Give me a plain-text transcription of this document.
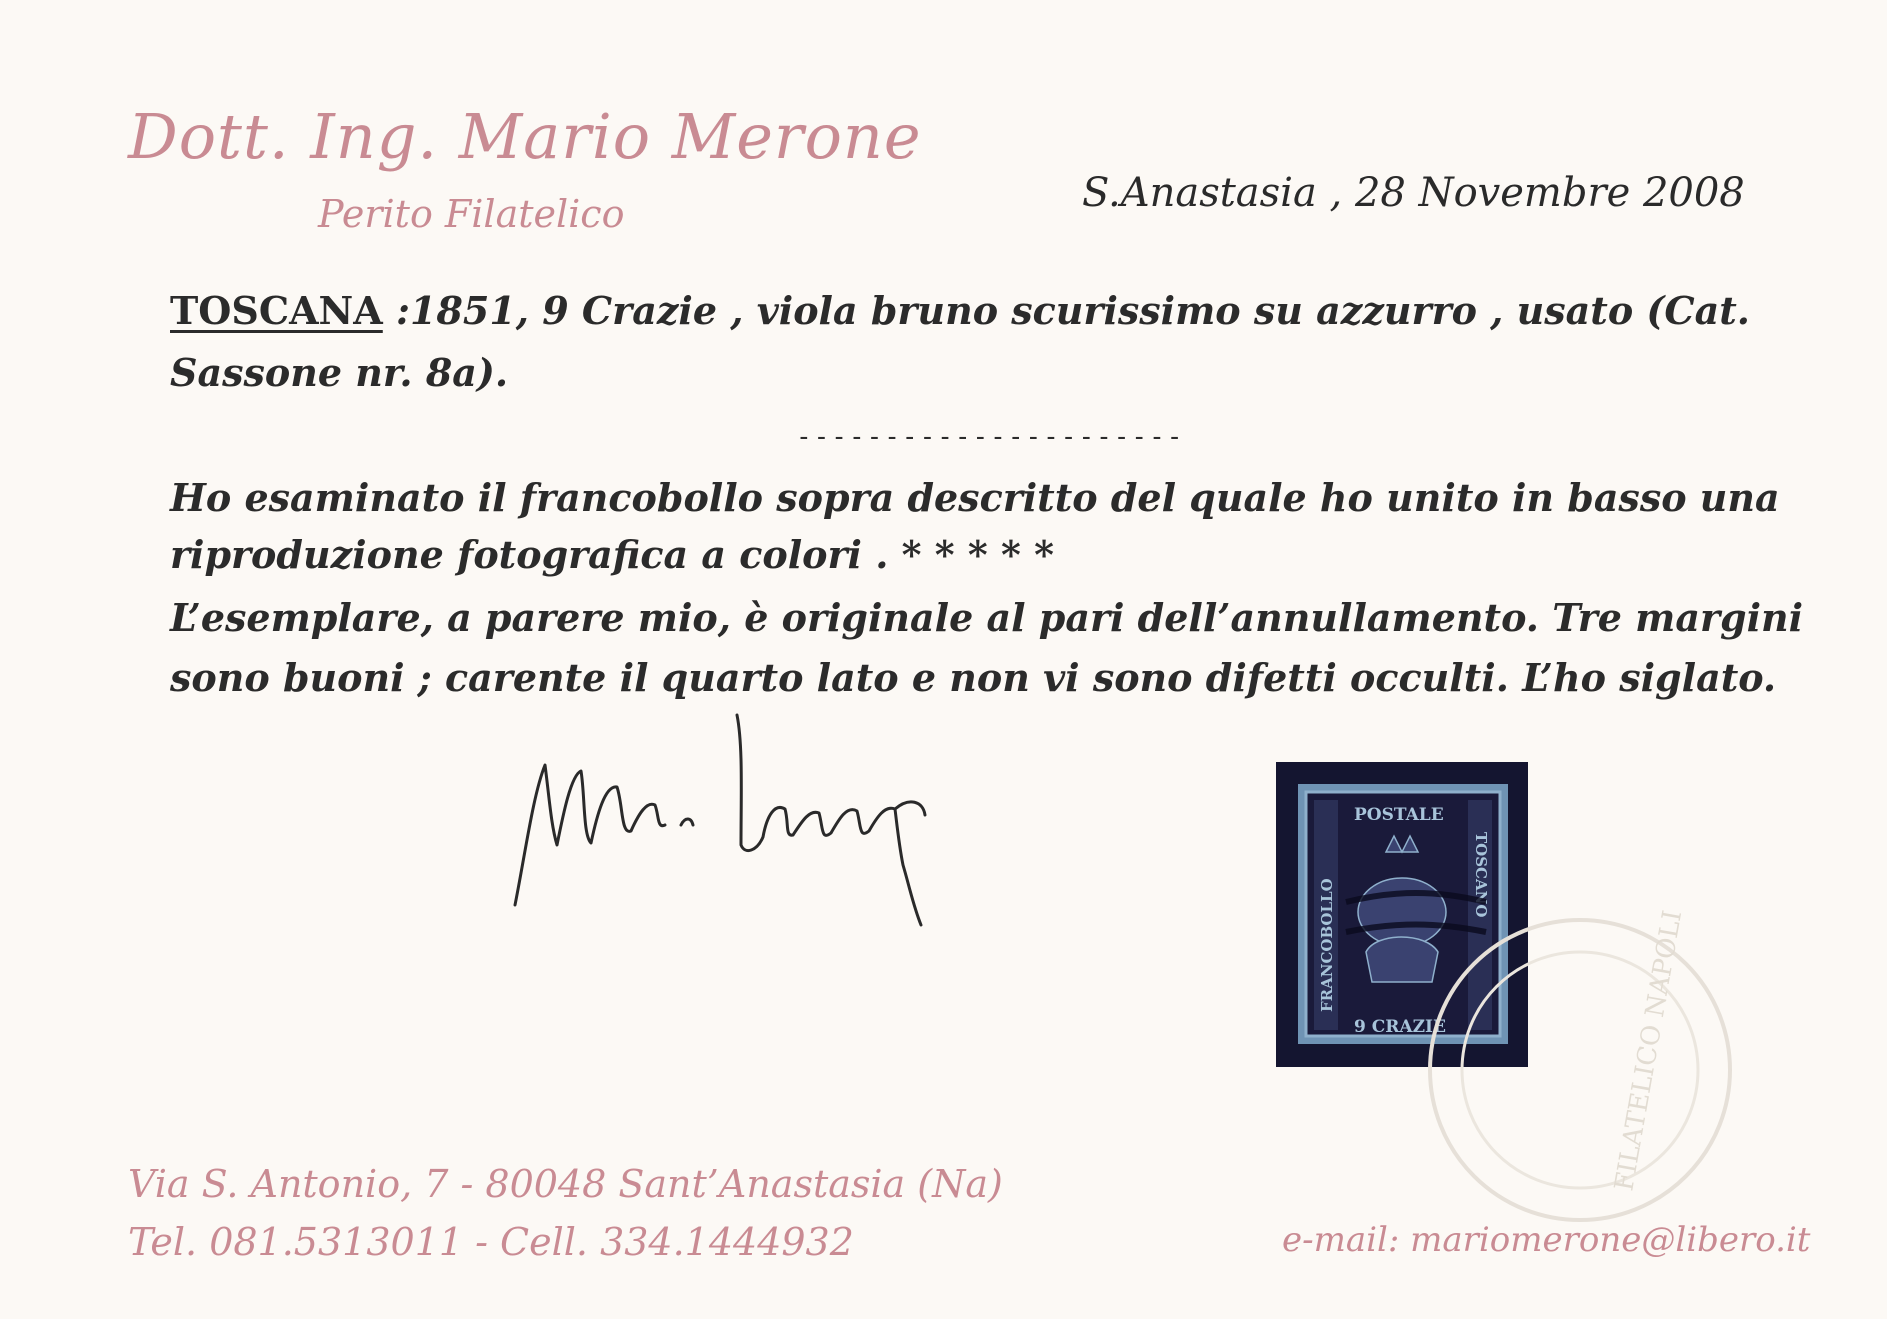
Dott. Ing. Mario Merone
Perito Filatelico	S.Anastasia , 28 Novembre 2008
TOSCANA :1851, 9 Crazie , viola bruno scurissimo su azzurro , usato (Cat.
Sassone nr. 8a).
----------------------
Ho esaminato il francobollo sopra descritto del quale ho unito in basso una
riproduzione fotografica a colori . * * * * *
L’esemplare, a parere mio, è originale al pari dell’annullamento. Tre margini
sono buoni ; carente il quarto lato e non vi sono difetti occulti. L’ho siglato.
POSTALE
9 CRAZIE
FRANCOBOLLO
TOSCANO
FILATELICO NAPOLI
Via S. Antonio, 7 - 80048 Sant’Anastasia (Na)
Tel. 081.5313011 - Cell. 334.1444932	e-mail: mariomerone@libero.it
